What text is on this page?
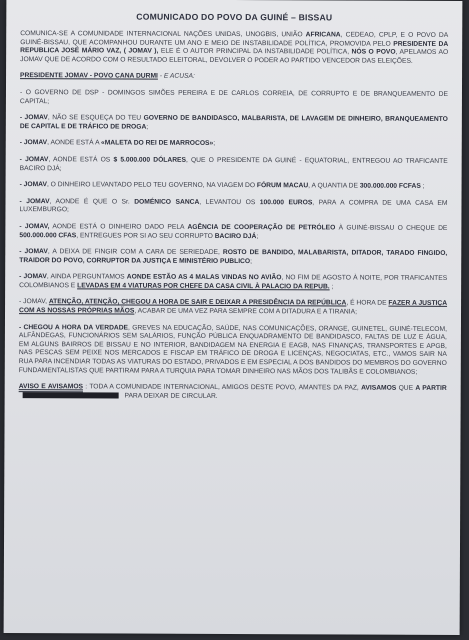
COMUNICADO DO POVO DA GUINÉ – BISSAU

COMUNICA-SE A COMUNIDADE INTERNACIONAL NAÇÕES UNIDAS, UNOGBIS, UNIÃO AFRICANA, CEDEAO, CPLP, E O POVO DA GUINÉ-BISSAU, QUE ACOMPANHOU DURANTE UM ANO E MEIO DE INSTABILIDADE POLÍTICA, PROMOVIDA PELO PRESIDENTE DA REPUBLICA JOSÉ MÁRIO VAZ, ( JOMAV ), ELE É O AUTOR PRINCIPAL DA INSTABILIDADE POLÍTICA, NÓS O POVO, APELAMOS AO JOMAV QUE DE ACORDO COM O RESULTADO ELEITORAL, DEVOLVER O PODER AO PARTIDO VENCEDOR DAS ELEIÇÕES.

PRESIDENTE JOMAV - POVO CANA DURMI - E ACUSA:

- O GOVERNO DE DSP - DOMINGOS SIMÕES PEREIRA E DE CARLOS CORREIA, DE CORRUPTO E DE BRANQUEAMENTO DE CAPITAL;

- JOMAV, NÃO SE ESQUEÇA DO TEU GOVERNO DE BANDIDASCO, MALBARISTA, DE LAVAGEM DE DINHEIRO, BRANQUEAMENTO DE CAPITAL E DE TRÁFICO DE DROGA;

- JOMAV, AONDE ESTÁ A «MALETA DO REI DE MARROCOS»;

- JOMAV, AONDE ESTÁ OS $ 5.000.000 DÓLARES, QUE O PRESIDENTE DA GUINÉ - EQUATORIAL, ENTREGOU AO TRAFICANTE BACIRO DJÁ;

- JOMAV, O DINHEIRO LEVANTADO PELO TEU GOVERNO, NA VIAGEM DO FÓRUM MACAU, A QUANTIA DE 300.000.000 FCFAS ;

- JOMAV, AONDE É QUE O Sr. DOMÉNICO SANCA, LEVANTOU OS 100.000 EUROS, PARA A COMPRA DE UMA CASA EM LUXEMBURGO;

- JOMAV, AONDE ESTÁ O DINHEIRO DADO PELA AGÊNCIA DE COOPERAÇÃO DE PETRÓLEO À GUINÉ-BISSAU O CHEQUE DE 500.000.000 CFAS, ENTREGUES POR SI AO SEU CORRUPTO BACIRO DJÁ;

- JOMAV, A DEIXA DE FINGIR COM A CARA DE SERIEDADE, ROSTO DE BANDIDO, MALABARISTA, DITADOR, TARADO FINGIDO, TRAIDOR DO POVO, CORRUPTOR DA JUSTIÇA E MINISTÉRIO PUBLICO;

- JOMAV, AINDA PERGUNTAMOS AONDE ESTÃO AS 4 MALAS VINDAS NO AVIÃO, NO FIM DE AGOSTO À NOITE, POR TRAFICANTES COLOMBIANOS E LEVADAS EM 4 VIATURAS POR CHEFE DA CASA CIVIL À PALACIO DA REPUB. ;

- JOMAV, ATENÇÃO, ATENÇÃO, CHEGOU A HORA DE SAIR E DEIXAR A PRESIDÊNCIA DA REPÚBLICA, É HORA DE FAZER A JUSTIÇA COM AS NOSSAS PRÓPRIAS MÃOS, ACABAR DE UMA VEZ PARA SEMPRE COM A DITADURA E A TIRANIA;

- CHEGOU A HORA DA VERDADE, GREVES NA EDUCAÇÃO, SAÚDE, NAS COMUNICAÇÕES, ORANGE, GUINETEL, GUINÉ-TELECOM, ALFÂNDEGAS, FUNCIONÁRIOS SEM SALÁRIOS, FUNÇÃO PÚBLICA ENQUADRAMENTO DE BANDIDASCO, FALTAS DE LUZ E ÁGUA, EM ALGUNS BAIRROS DE BISSAU E NO INTERIOR, BANDIDAGEM NA ENERGIA E EAGB, NAS FINANÇAS, TRANSPORTES E APGB, NAS PESCAS SEM PEIXE NOS MERCADOS E FISCAP EM TRÁFICO DE DROGA E LICENÇAS, NEGOCIATAS, ETC., VAMOS SAIR NA RUA PARA INCENDIAR TODAS AS VIATURAS DO ESTADO, PRIVADOS E EM ESPECIAL A DOS BANDIDOS DO MEMBROS DO GOVERNO FUNDAMENTALISTAS QUE PARTIRAM PARA A TURQUIA PARA TOMAR DINHEIRO NAS MÃOS DOS TALIBÃS E COLOMBIANOS;

AVISO E AVISAMOS : TODA A COMUNIDADE INTERNACIONAL, AMIGOS DESTE POVO, AMANTES DA PAZ, AVISAMOS QUE A PARTIR PARA DEIXAR DE CIRCULAR.
